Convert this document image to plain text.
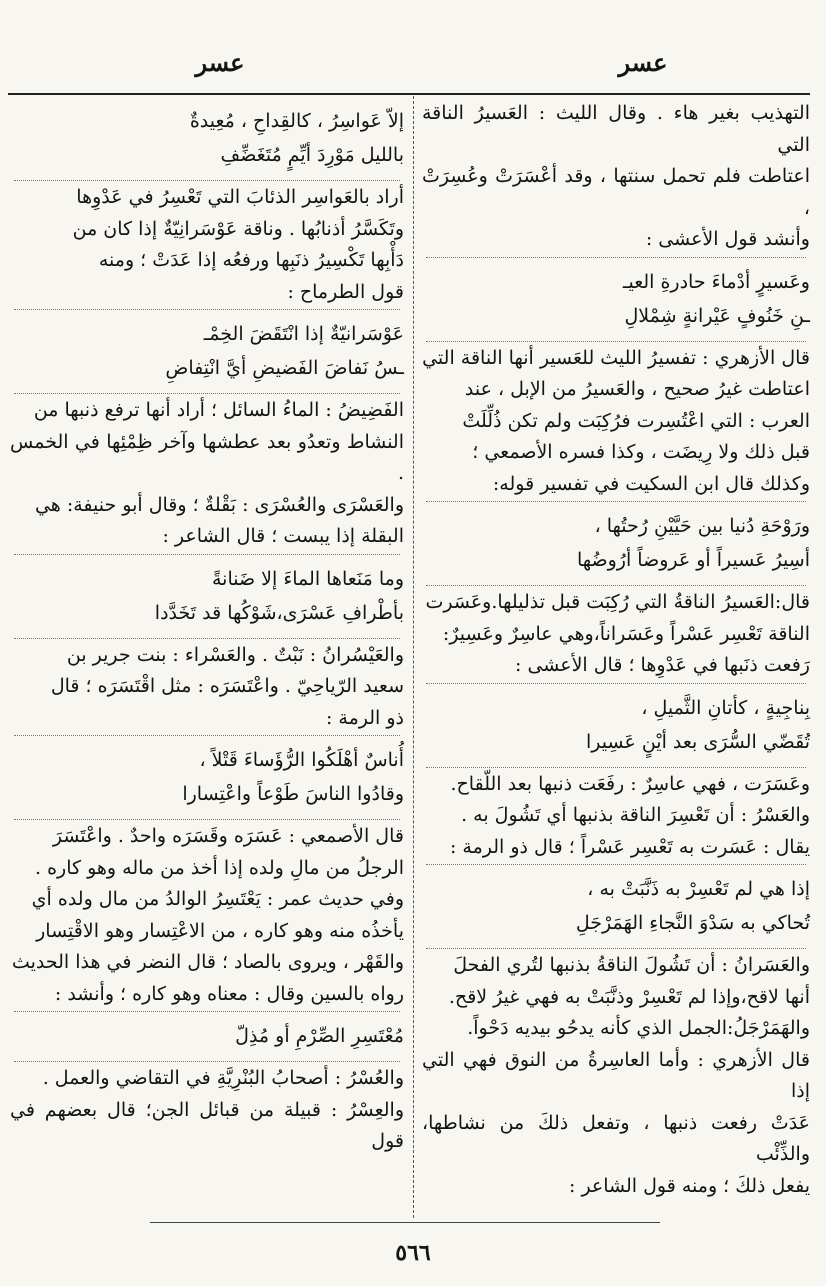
عسر
عسر

التهذيب بغير هاء . وقال الليث : العَسيرُ الناقة التي

اعتاطت فلم تحمل سنتها ، وقد أعْسَرَتْ وعُسِرَتْ ،

وأنشد قول الأعشى :

وعَسيرٍ أدْماءَ حادرةِ العيـ

ـنِ خَنُوفٍ عَيْرانةٍ شِمْلالِ

قال الأزهري : تفسيرُ الليث للعَسير أنها الناقة التي

اعتاطت غيرُ صحيح ، والعَسيرُ من الإبل ، عند

العرب : التي اعْتُسِرت فرُكِبَت ولم تكن ذُلِّلَتْ

قبل ذلك ولا رِيضَت ، وكذا فسره الأصمعي ؛

وكذلك قال ابن السكيت في تفسير قوله:

ورَوْحَةِ دُنيا بين حَيَّيْنِ رُحتُها ،

أسِيرُ عَسيراً أو عَروضاً أرُوضُها

قال:العَسيرُ الناقةُ التي رُكِبَت قبل تذليلها.وعَسَرت

الناقة تَعْسِر عَسْراً وعَسَراناً،وهي عاسِرٌ وعَسِيرٌ:

رَفعت ذنَبها في عَدْوِها ؛ قال الأعشى :

بِناجِيةٍ ، كأتانِ الثَّميلِ ،

تُقَضّي السُّرَى بعد أيْنٍ عَسِيرا

وعَسَرَت ، فهي عاسِرٌ : رفَعَت ذنبها بعد اللّقاح.

والعَسْرُ : أن تَعْسِرَ الناقة بذنبها أي تَشُولَ به .

يقال : عَسَرت به تَعْسِر عَسْراً ؛ قال ذو الرمة :

إذا هي لم تَعْسِرْ به ذَنَّبَتْ به ،

تُحاكي به سَدْوَ النَّجاءِ الهَمَرْجَلِ

والعَسَرانُ : أن تَشُولَ الناقةُ بذنبها لتُري الفحلَ

أنها لاقح،وإذا لم تَعْسِرْ وذنَّبَتْ به فهي غيرُ لاقح.

والهَمَرْجَلُ:الجمل الذي كأنه يدحُو بيديه دَحْواً.

قال الأزهري : وأما العاسِرةُ من النوق فهي التي إذا

عَدَتْ رفعت ذنبها ، وتفعل ذلكَ من نشاطها، والذِّئْب

يفعل ذلكَ ؛ ومنه قول الشاعر :

إلاّ عَواسِرُ ، كالقِداحِ ، مُعِيدةٌ

بالليل مَوْرِدَ أيِّمٍ مُتَغَضِّفِ

أراد بالعَواسِر الذئابَ التي تَعْسِرُ في عَدْوِها

وتَكَسَّرُ أذنابُها . وناقة عَوْسَرانِيّةٌ إذا كان من

دَأْبِها تَكْسِيرُ ذنَبِها ورفعُه إذا عَدَتْ ؛ ومنه

قول الطرماح :

عَوْسَرانيّةٌ إذا انْتَقَضَ الخِمْـ

ـسُ نَفاضَ الفَضيضِ أيَّ انْتِفاضِ

الفَضِيضُ : الماءُ السائل ؛ أراد أنها ترفع ذنبها من

النشاط وتعدُو بعد عطشها وآخر ظِمْئِها في الخمس .

والعَسْرَى والعُسْرَى : بَقْلةٌ ؛ وقال أبو حنيفة: هي

البقلة إذا يبست ؛ قال الشاعر :

وما مَنَعاها الماءَ إلا ضَنانةً

بأطْرافِ عَسْرَى،شَوْكُها قد تَخَدَّدا

والعَيْسُرانُ : نَبْتٌ . والعَسْراء : بنت جرير بن

سعيد الرّياحِيّ . واعْتَسَرَه : مثل اقْتَسَرَه ؛ قال

ذو الرمة :

أُناسٌ أهْلَكُوا الرُّؤَساءَ قَتْلاً ،

وقادُوا الناسَ طَوْعاً واعْتِسارا

قال الأصمعي : عَسَرَه وقَسَرَه واحدٌ . واعْتَسَرَ

الرجلُ من مالِ ولده إذا أخذ من ماله وهو كاره .

وفي حديث عمر : يَعْتَسِرُ الوالدُ من مال ولده أي

يأخذُه منه وهو كاره ، من الاعْتِسار وهو الاقْتِسار

والقَهْر ، ويروى بالصاد ؛ قال النضر في هذا الحديث

رواه بالسين وقال : معناه وهو كاره ؛ وأنشد :

مُعْتَسِرِ الصِّرْمِ أو مُذِلّ

والعُسْرُ : أصحابُ البُنْرِيَّةِ في التقاضي والعمل .

والعِسْرُ : قبيلة من قبائل الجن؛ قال بعضهم في قول

٥٦٦
